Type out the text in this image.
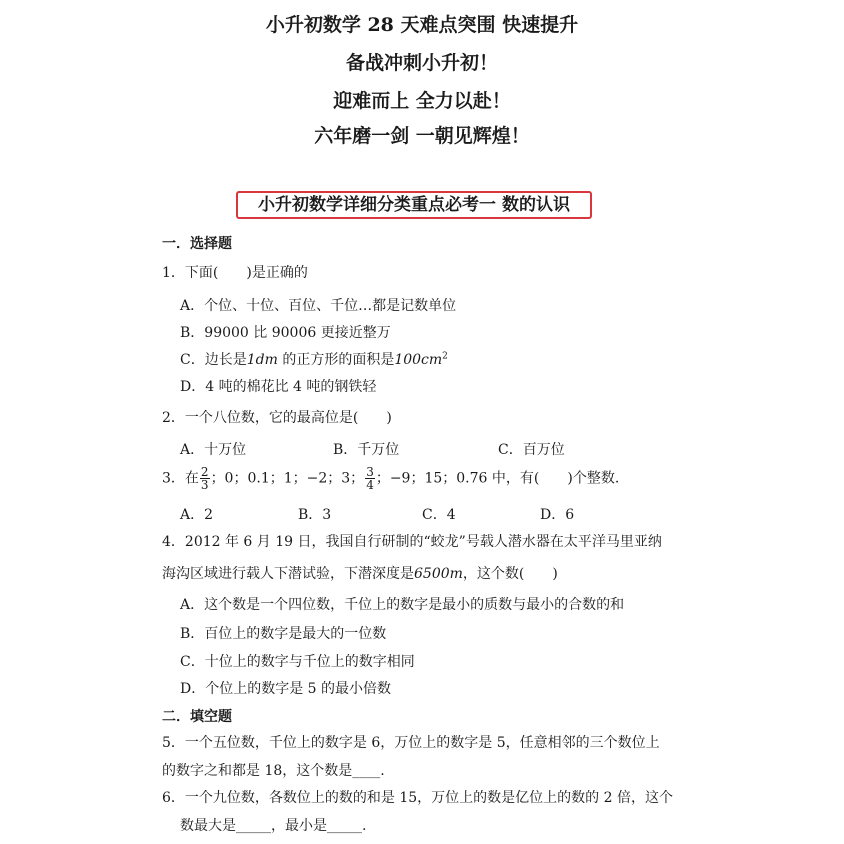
小升初数学 28 天难点突围 快速提升
备战冲刺小升初！
迎难而上 全力以赴！
六年磨一剑 一朝见辉煌！
小升初数学详细分类重点必考一 数的认识
一．选择题
1．下面(　　)是正确的
A．个位、十位、百位、千位…都是记数单位
B．99000 比 90006 更接近整万
C．边长是1dm 的正方形的面积是$100cm^2$
D．4 吨的棉花比 4 吨的钢铁轻
2．一个八位数，它的最高位是(　　)
A．十万位	B．千万位	C．百万位
3．在 $\frac{2}{3}$ ；0；0.1；1；−2；3； $\frac{3}{4}$ ；−9；15；0.76 中，有(　　)个整数.
A．2	B．3	C．4	D．6
4．2012 年 6 月 19 日，我国自行研制的“蛟龙”号载人潜水器在太平洋马里亚纳
海沟区域进行载人下潜试验，下潜深度是6500m，这个数(　　)
A．这个数是一个四位数，千位上的数字是最小的质数与最小的合数的和
B．百位上的数字是最大的一位数
C．十位上的数字与千位上的数字相同
D．个位上的数字是 5 的最小倍数
二．填空题
5．一个五位数，千位上的数字是 6，万位上的数字是 5，任意相邻的三个数位上
的数字之和都是 18，这个数是____.
6．一个九位数，各数位上的数的和是 15，万位上的数是亿位上的数的 2 倍，这个
数最大是_____，最小是_____.
